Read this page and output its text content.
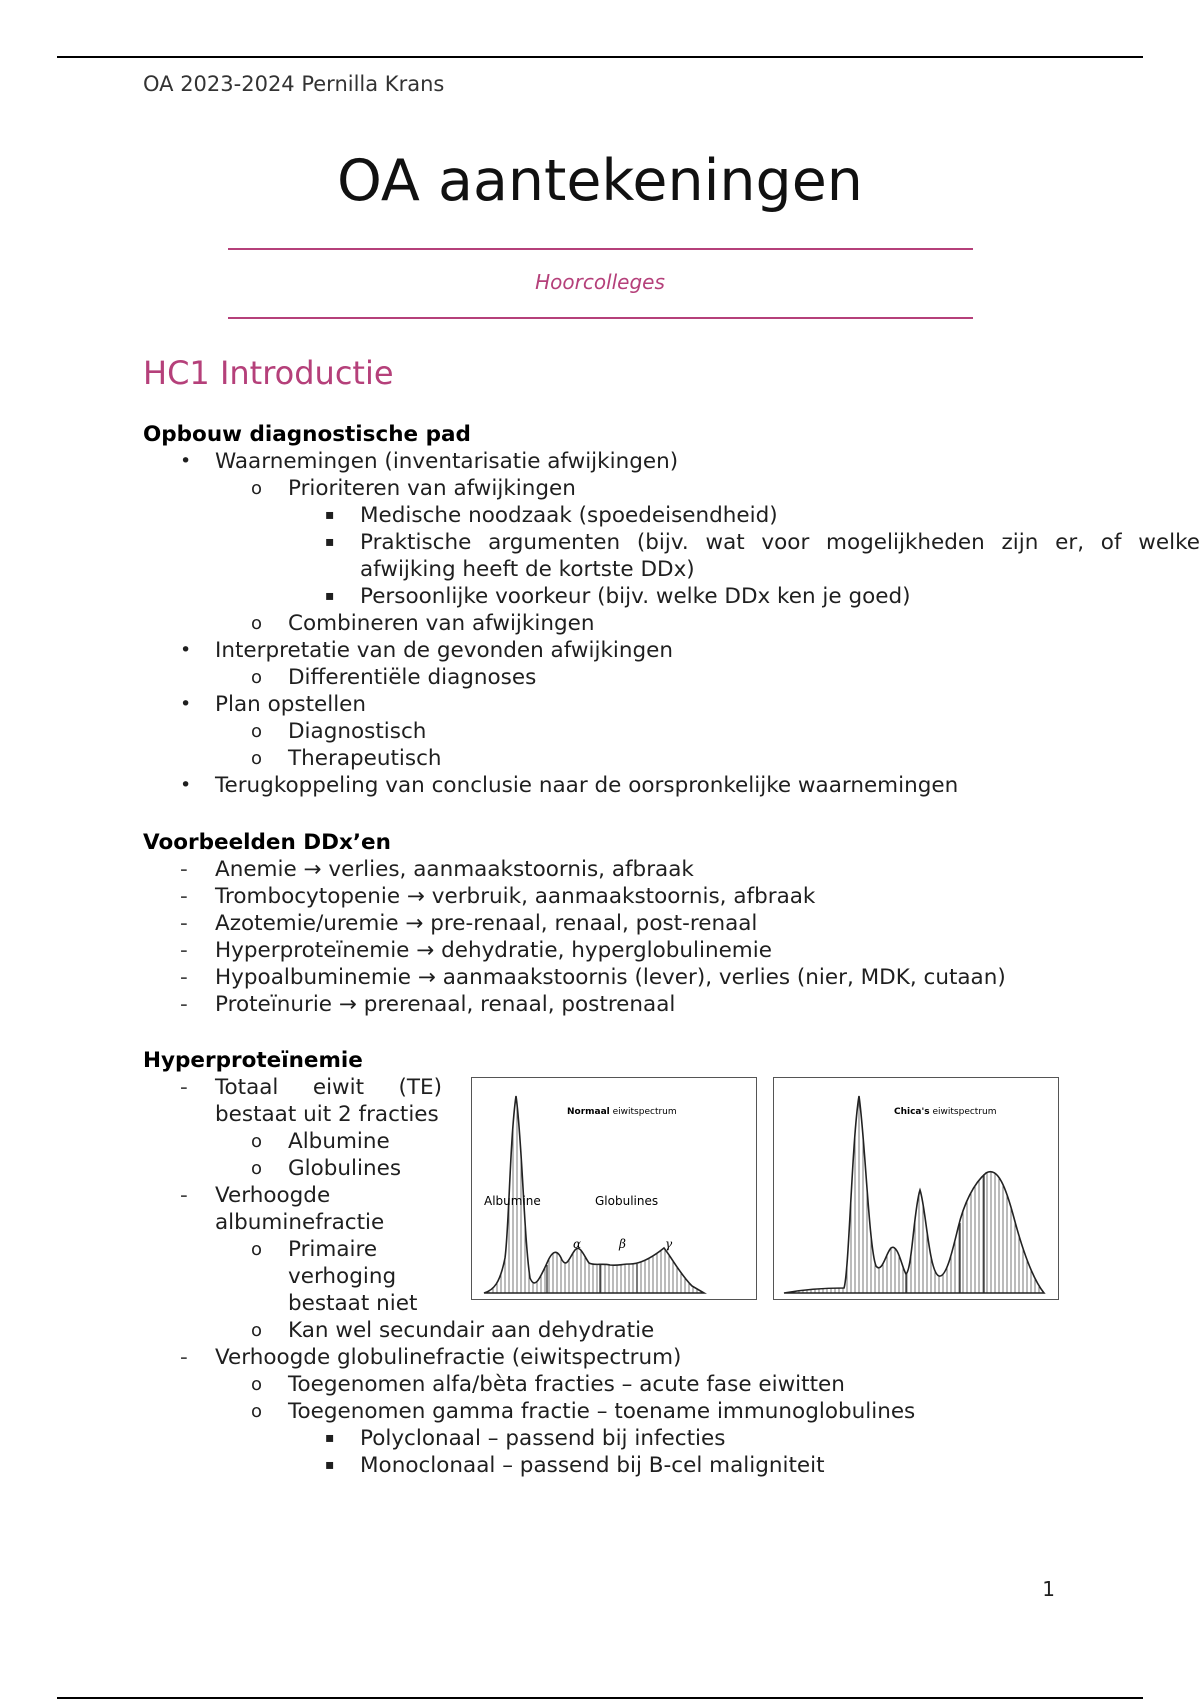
OA 2023-2024 Pernilla Krans
OA aantekeningen
Hoorcolleges
HC1 Introductie
Opbouw diagnostische pad
• Waarnemingen (inventarisatie afwijkingen)
o Prioriteren van afwijkingen
▪ Medische noodzaak (spoedeisendheid)
▪ Praktische argumenten (bijv. wat voor mogelijkheden zijn er, of welke afwijking heeft de kortste DDx)
▪ Persoonlijke voorkeur (bijv. welke DDx ken je goed)
o Combineren van afwijkingen
• Interpretatie van de gevonden afwijkingen
o Differentiële diagnoses
• Plan opstellen
o Diagnostisch
o Therapeutisch
• Terugkoppeling van conclusie naar de oorspronkelijke waarnemingen
Voorbeelden DDx’en
- Anemie → verlies, aanmaakstoornis, afbraak
- Trombocytopenie → verbruik, aanmaakstoornis, afbraak
- Azotemie/uremie → pre-renaal, renaal, post-renaal
- Hyperproteïnemie → dehydratie, hyperglobulinemie
- Hypoalbuminemie → aanmaakstoornis (lever), verlies (nier, MDK, cutaan)
- Proteïnurie → prerenaal, renaal, postrenaal
Hyperproteïnemie
- Totaal eiwit (TE) bestaat uit 2 fracties
o Albumine
o Globulines
- Verhoogde albuminefractie
o Primaire verhoging bestaat niet
o Kan wel secundair aan dehydratie
- Verhoogde globulinefractie (eiwitspectrum)
o Toegenomen alfa/bèta fracties – acute fase eiwitten
o Toegenomen gamma fractie – toename immunoglobulines
▪ Polyclonaal – passend bij infecties
▪ Monoclonaal – passend bij B-cel maligniteit
Normaal eiwitspectrum
Albumine	Globulines
α	β	γ
Chica's eiwitspectrum
1
